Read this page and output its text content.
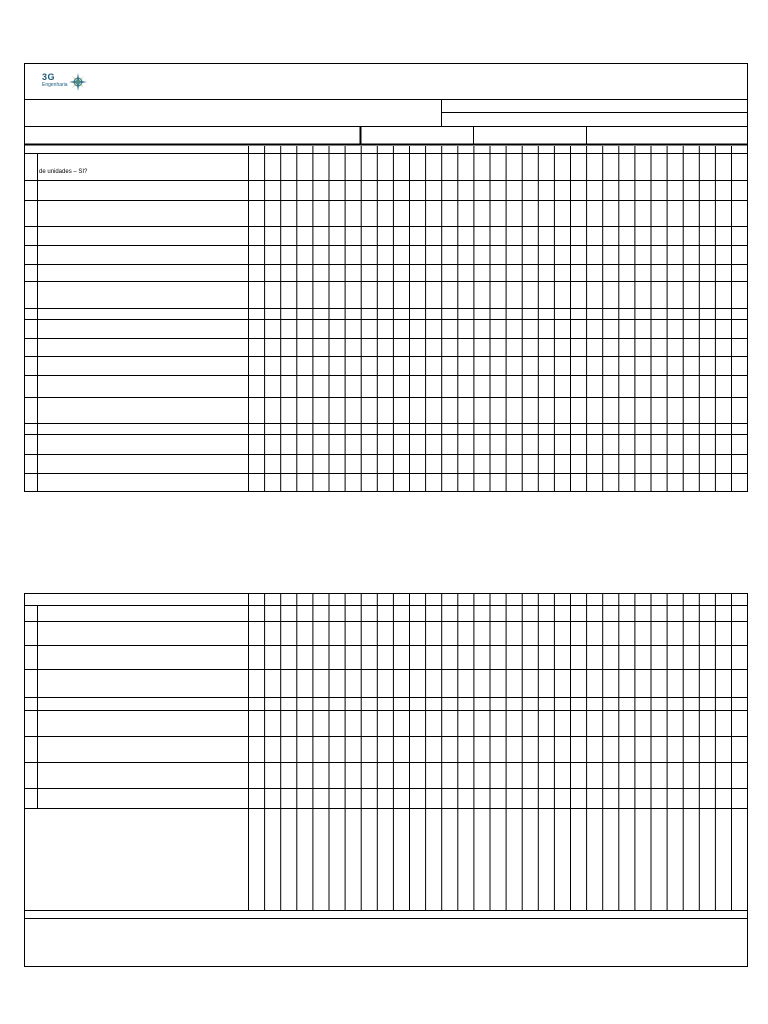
3G
Engenharia
de unidades – SI?
